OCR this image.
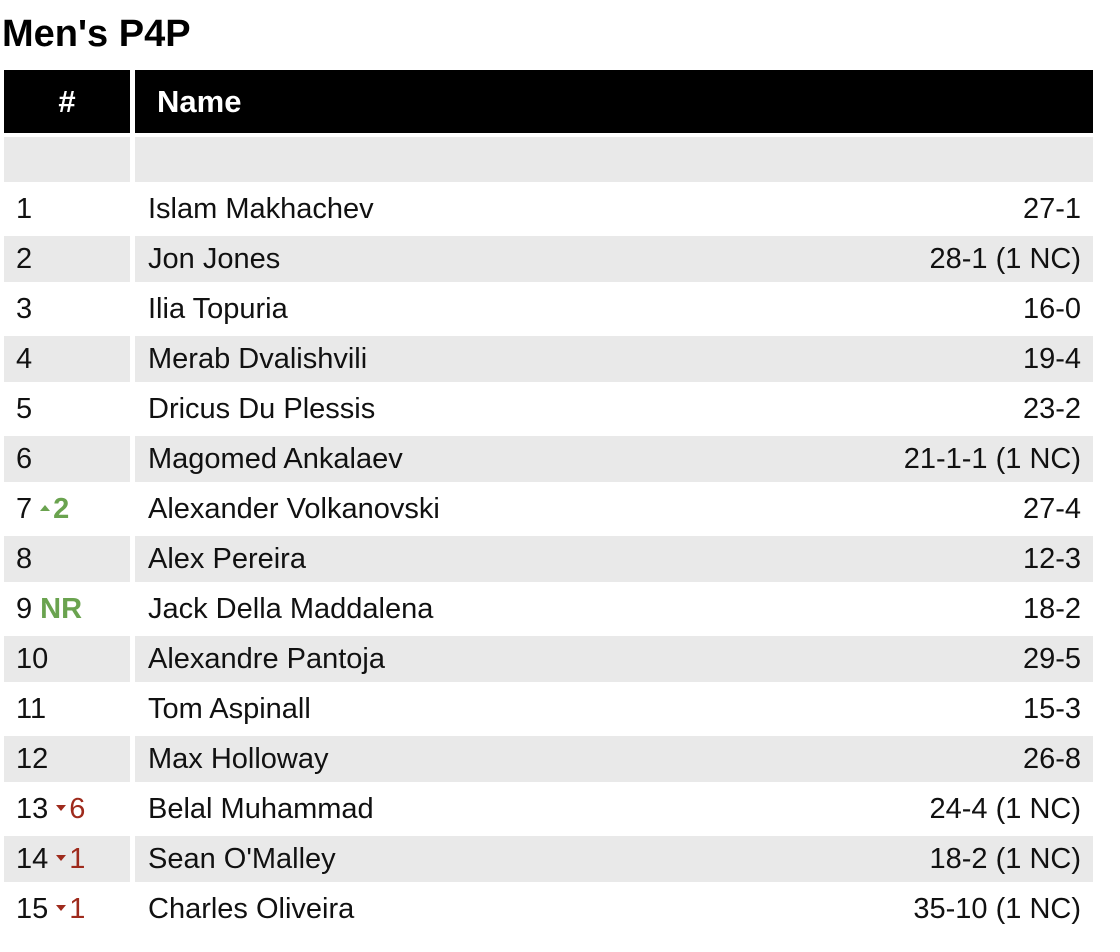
Men's P4P
#	Name

1	Islam Makhachev 27-1

2	Jon Jones 28-1 (1 NC)

3	Ilia Topuria 16-0

4	Merab Dvalishvili 19-4

5	Dricus Du Plessis 23-2

6	Magomed Ankalaev 21-1-1 (1 NC)

7 2	Alexander Volkanovski 27-4

8	Alex Pereira 12-3

9 NR	Jack Della Maddalena 18-2

10	Alexandre Pantoja 29-5

11	Tom Aspinall 15-3

12	Max Holloway 26-8

13 6	Belal Muhammad 24-4 (1 NC)

14 1	Sean O'Malley 18-2 (1 NC)

15 1	Charles Oliveira 35-10 (1 NC)
